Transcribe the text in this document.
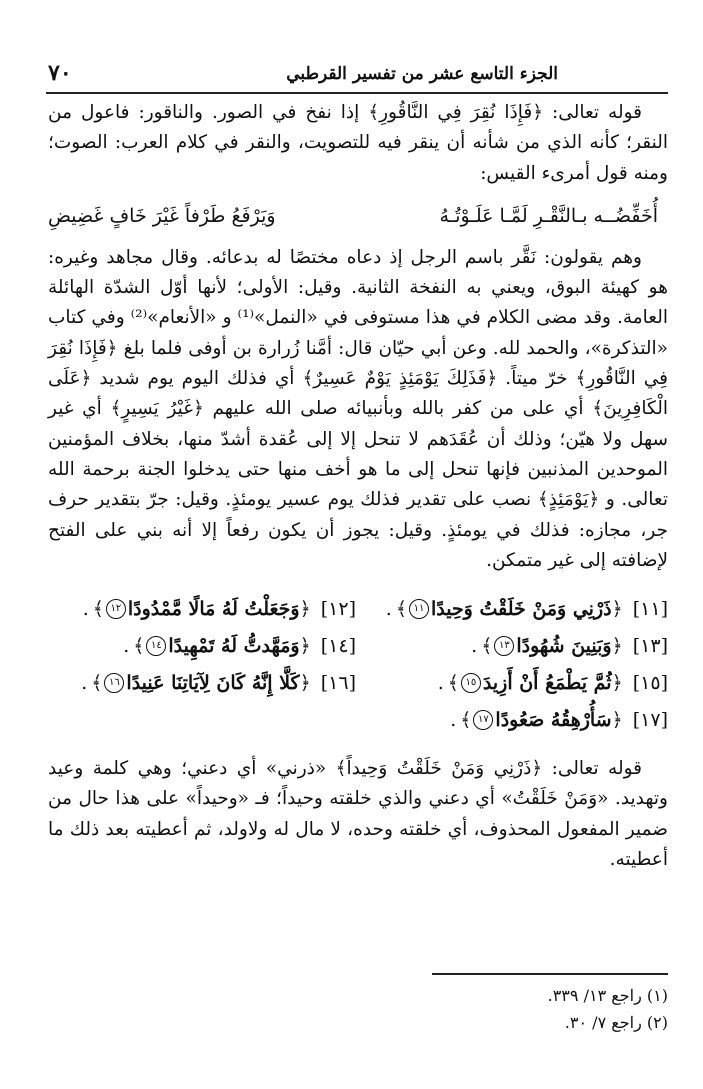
الجزء التاسع عشر من تفسير القرطبي
٧٠

قوله تعالى: ﴿فَإِذَا نُقِرَ فِي النَّاقُورِ﴾ إذا نفخ في الصور. والناقور: فاعول من النقر؛ كأنه الذي من شأنه أن ينقر فيه للتصويت، والنقر في كلام العرب: الصوت؛ ومنه قول أمرىء القيس:

أُخَفِّضُــه بـالنَّقْـرِ لَمَّـا عَلَـوْتُـهُ
وَيَرْفَعُ طَرْفاً غَيْرَ خَافٍ غَضِيضِ

وهم يقولون: نَقَّر باسم الرجل إذ دعاه مختصًا له بدعائه. وقال مجاهد وغيره: هو كهيئة البوق، ويعني به النفخة الثانية. وقيل: الأولى؛ لأنها أوّل الشدّة الهائلة العامة. وقد مضى الكلام في هذا مستوفى في «النمل»⁽¹⁾ و «الأنعام»⁽²⁾ وفي كتاب «التذكرة»، والحمد لله. وعن أبي حيّان قال: أمَّنا زُرارة بن أوفى فلما بلغ ﴿فَإِذَا نُقِرَ فِي النَّاقُورِ﴾ خرّ ميتاً. ﴿فَذَلِكَ يَوْمَئِذٍ يَوْمٌ عَسِيرٌ﴾ أي فذلك اليوم يوم شديد ﴿عَلَى الْكَافِرِينَ﴾ أي على من كفر بالله وبأنبيائه صلى الله عليهم ﴿غَيْرُ يَسِيرٍ﴾ أي غير سهل ولا هيّن؛ وذلك أن عُقَدَهم لا تنحل إلا إلى عُقدة أشدّ منها، بخلاف المؤمنين الموحدين المذنبين فإنها تنحل إلى ما هو أخف منها حتى يدخلوا الجنة برحمة الله تعالى. و ﴿يَوْمَئِذٍ﴾ نصب على تقدير فذلك يوم عسير يومئذٍ. وقيل: جرّ بتقدير حرف جر، مجازه: فذلك في يومئذٍ. وقيل: يجوز أن يكون رفعاً إلا أنه بني على الفتح لإضافته إلى غير متمكن.

[١١]
﴿
ذَرْنِي وَمَنْ خَلَقْتُ وَحِيدًا
١١
﴾
.
[١٢]
﴿
وَجَعَلْتُ لَهُ مَالًا مَّمْدُودًا
١٢
﴾
.
[١٣]
﴿
وَبَنِينَ شُهُودًا
١٣
﴾
.
[١٤]
﴿
وَمَهَّدتُّ لَهُ تَمْهِيدًا
١٤
﴾
.
[١٥]
﴿
ثُمَّ يَطْمَعُ أَنْ أَزِيدَ
١٥
﴾
.
[١٦]
﴿
كَلَّا إِنَّهُ كَانَ لِآيَاتِنَا عَنِيدًا
١٦
﴾
.
[١٧]
﴿
سَأُرْهِقُهُ صَعُودًا
١٧
﴾
.

قوله تعالى: ﴿ذَرْنِي وَمَنْ خَلَقْتُ وَحِيداً﴾ «ذرني» أي دعني؛ وهي كلمة وعيد وتهديد. «وَمَنْ خَلَقْتُ» أي دعني والذي خلقته وحيداً؛ فـ «وحيداً» على هذا حال من ضمير المفعول المحذوف، أي خلقته وحده، لا مال له ولاولد، ثم أعطيته بعد ذلك ما أعطيته.

(١) راجع ١٣/ ٣٣٩.

(٢) راجع ٧/ ٣٠.
